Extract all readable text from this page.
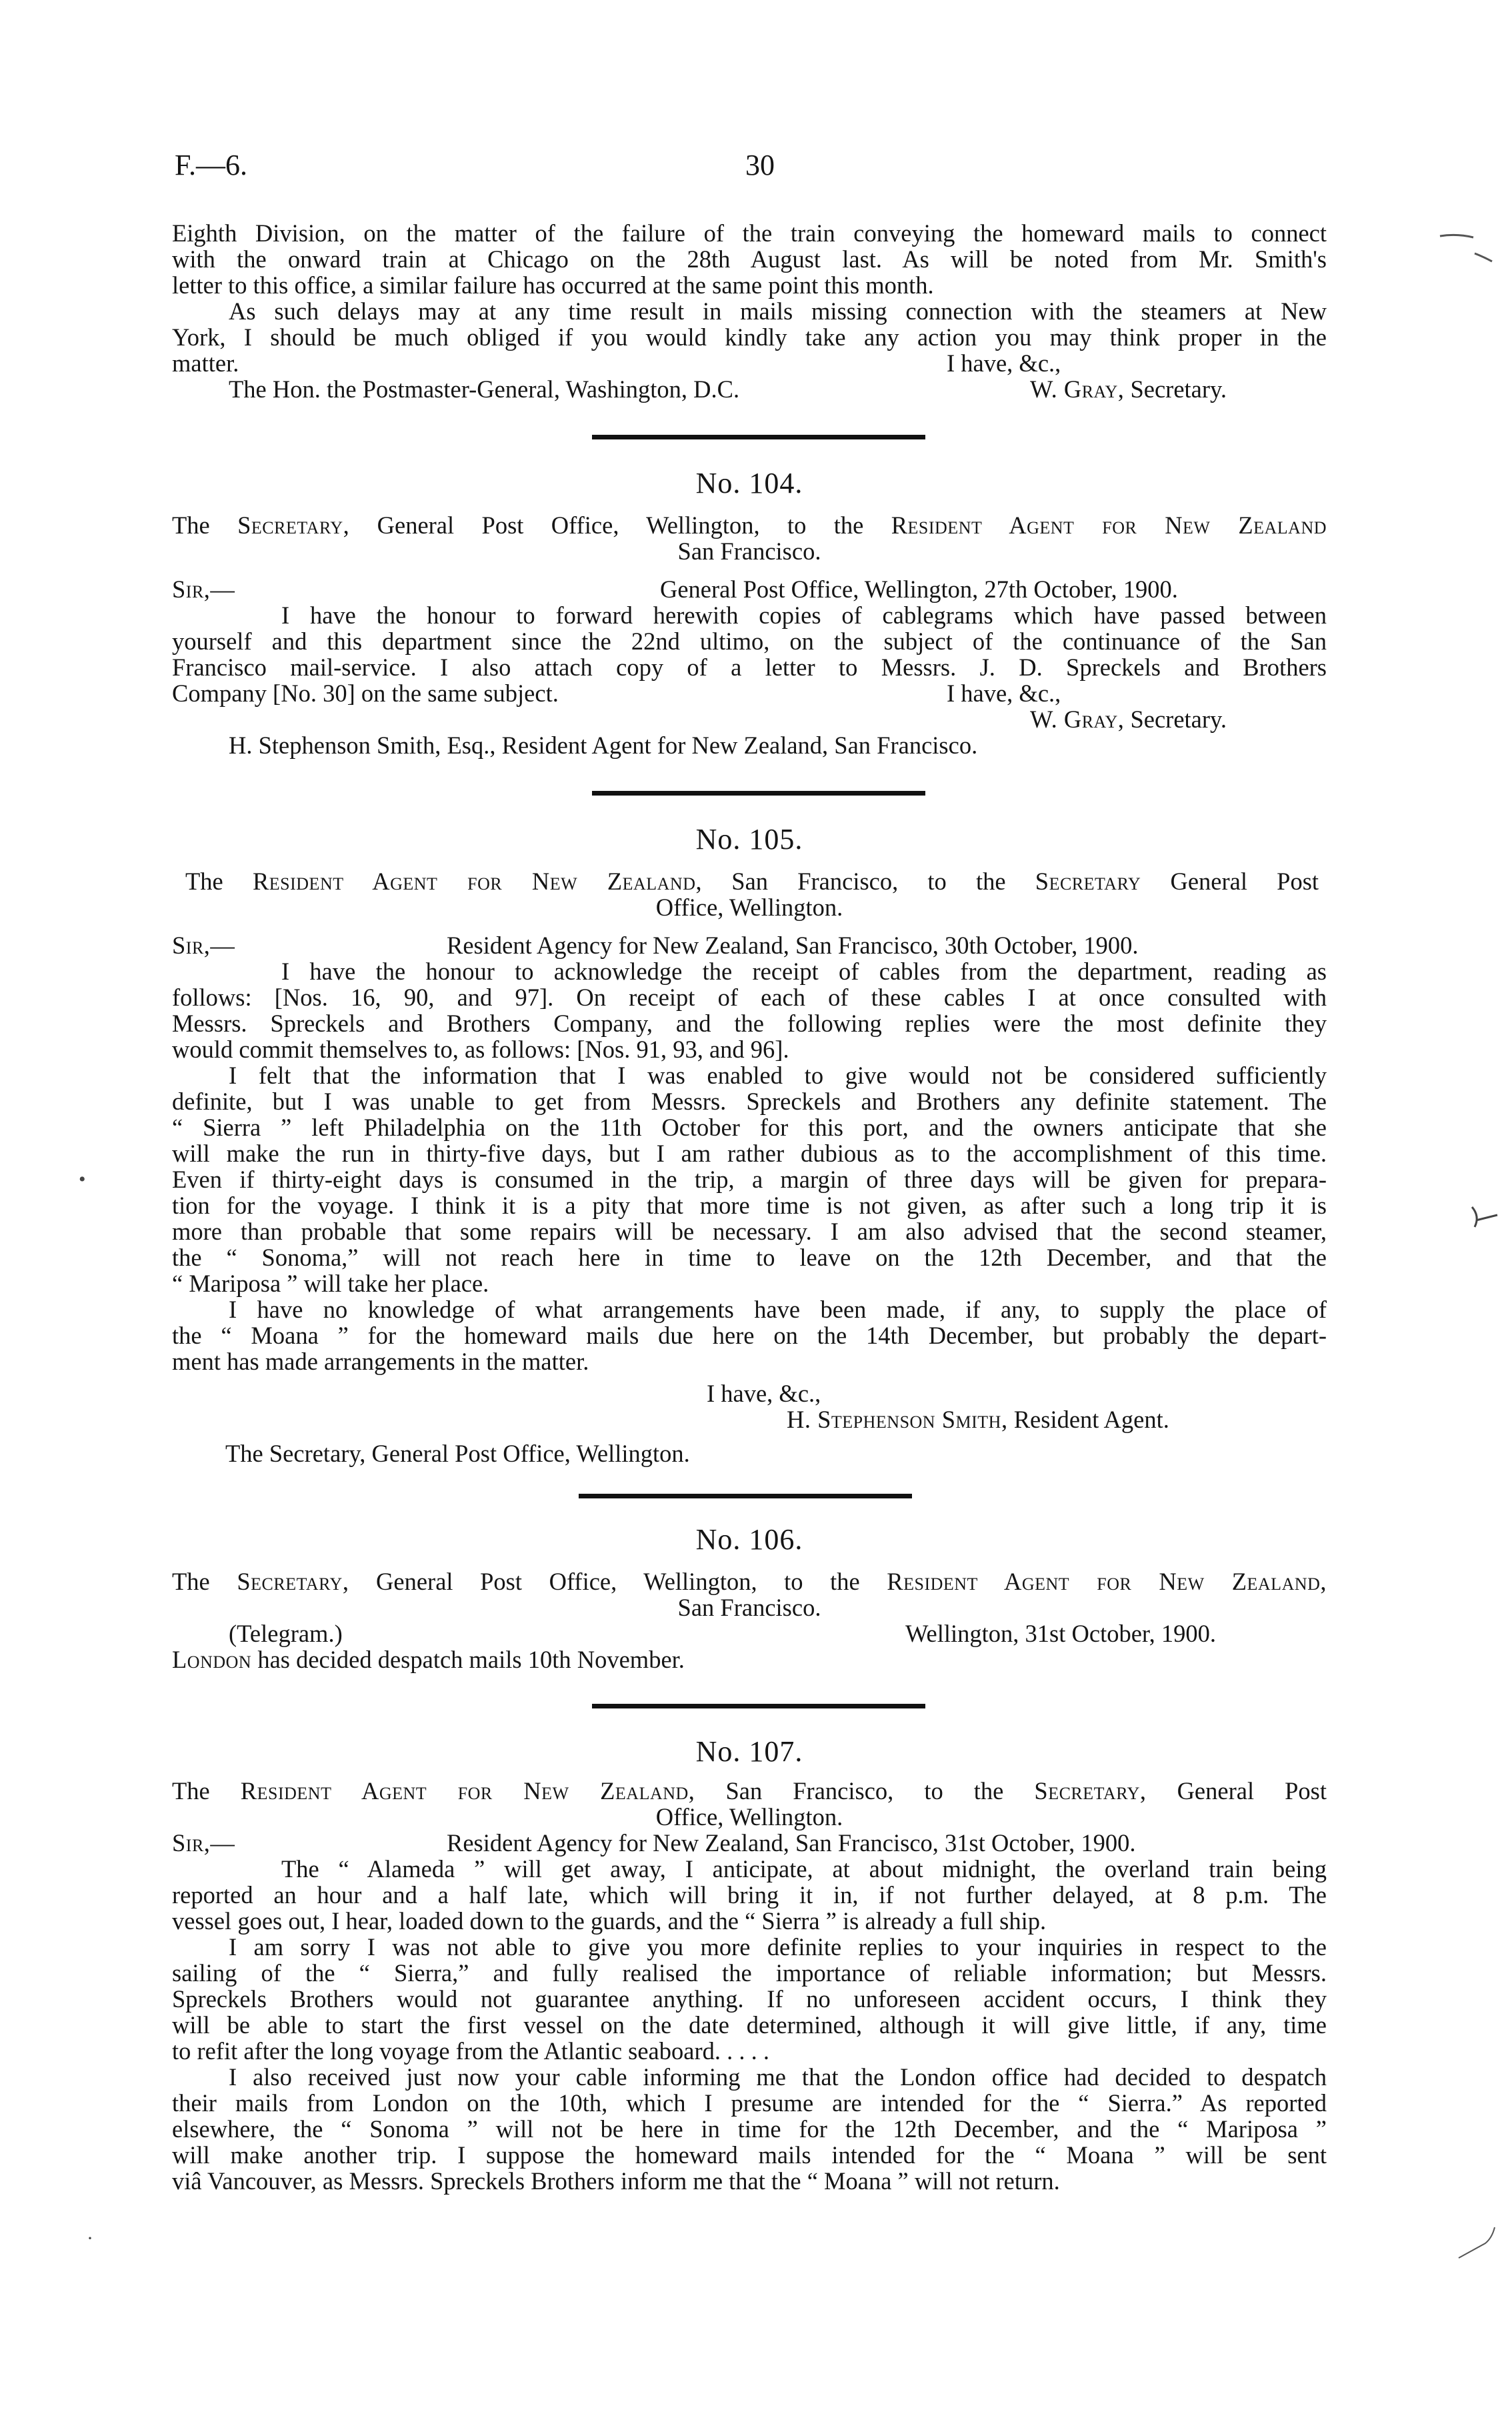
F.—6.	30
Eighth Division, on the matter of the failure of the train conveying the homeward mails to connect
with the onward train at Chicago on the 28th August last. As will be noted from Mr. Smith's
letter to this office, a similar failure has occurred at the same point this month.
As such delays may at any time result in mails missing connection with the steamers at New
York, I should be much obliged if you would kindly take any action you may think proper in the
matter.	I have, &c.,
The Hon. the Postmaster-General, Washington, D.C.	W. Gray, Secretary.
No. 104.
The Secretary, General Post Office, Wellington, to the Resident Agent for New Zealand
San Francisco.
Sir,—	General Post Office, Wellington, 27th October, 1900.
I have the honour to forward herewith copies of cablegrams which have passed between
yourself and this department since the 22nd ultimo, on the subject of the continuance of the San
Francisco mail-service. I also attach copy of a letter to Messrs. J. D. Spreckels and Brothers
Company [No. 30] on the same subject.	I have, &c.,
W. Gray, Secretary.
H. Stephenson Smith, Esq., Resident Agent for New Zealand, San Francisco.
No. 105.
The Resident Agent for New Zealand, San Francisco, to the Secretary General Post
Office, Wellington.
Sir,—	Resident Agency for New Zealand, San Francisco, 30th October, 1900.
I have the honour to acknowledge the receipt of cables from the department, reading as
follows: [Nos. 16, 90, and 97]. On receipt of each of these cables I at once consulted with
Messrs. Spreckels and Brothers Company, and the following replies were the most definite they
would commit themselves to, as follows: [Nos. 91, 93, and 96].
I felt that the information that I was enabled to give would not be considered sufficiently
definite, but I was unable to get from Messrs. Spreckels and Brothers any definite statement. The
“ Sierra ” left Philadelphia on the 11th October for this port, and the owners anticipate that she
will make the run in thirty-five days, but I am rather dubious as to the accomplishment of this time.
Even if thirty-eight days is consumed in the trip, a margin of three days will be given for prepara-
tion for the voyage. I think it is a pity that more time is not given, as after such a long trip it is
more than probable that some repairs will be necessary. I am also advised that the second steamer,
the “ Sonoma,” will not reach here in time to leave on the 12th December, and that the
“ Mariposa ” will take her place.
I have no knowledge of what arrangements have been made, if any, to supply the place of
the “ Moana ” for the homeward mails due here on the 14th December, but probably the depart-
ment has made arrangements in the matter.
I have, &c.,
H. Stephenson Smith, Resident Agent.
The Secretary, General Post Office, Wellington.
No. 106.
The Secretary, General Post Office, Wellington, to the Resident Agent for New Zealand,
San Francisco.
(Telegram.)	Wellington, 31st October, 1900.
London has decided despatch mails 10th November.
No. 107.
The Resident Agent for New Zealand, San Francisco, to the Secretary, General Post
Office, Wellington.
Sir,—	Resident Agency for New Zealand, San Francisco, 31st October, 1900.
The “ Alameda ” will get away, I anticipate, at about midnight, the overland train being
reported an hour and a half late, which will bring it in, if not further delayed, at 8 p.m. The
vessel goes out, I hear, loaded down to the guards, and the “ Sierra ” is already a full ship.
I am sorry I was not able to give you more definite replies to your inquiries in respect to the
sailing of the “ Sierra,” and fully realised the importance of reliable information; but Messrs.
Spreckels Brothers would not guarantee anything. If no unforeseen accident occurs, I think they
will be able to start the first vessel on the date determined, although it will give little, if any, time
to refit after the long voyage from the Atlantic seaboard. . . . .
I also received just now your cable informing me that the London office had decided to despatch
their mails from London on the 10th, which I presume are intended for the “ Sierra.” As reported
elsewhere, the “ Sonoma ” will not be here in time for the 12th December, and the “ Mariposa ”
will make another trip. I suppose the homeward mails intended for the “ Moana ” will be sent
viâ Vancouver, as Messrs. Spreckels Brothers inform me that the “ Moana ” will not return.
•
·
